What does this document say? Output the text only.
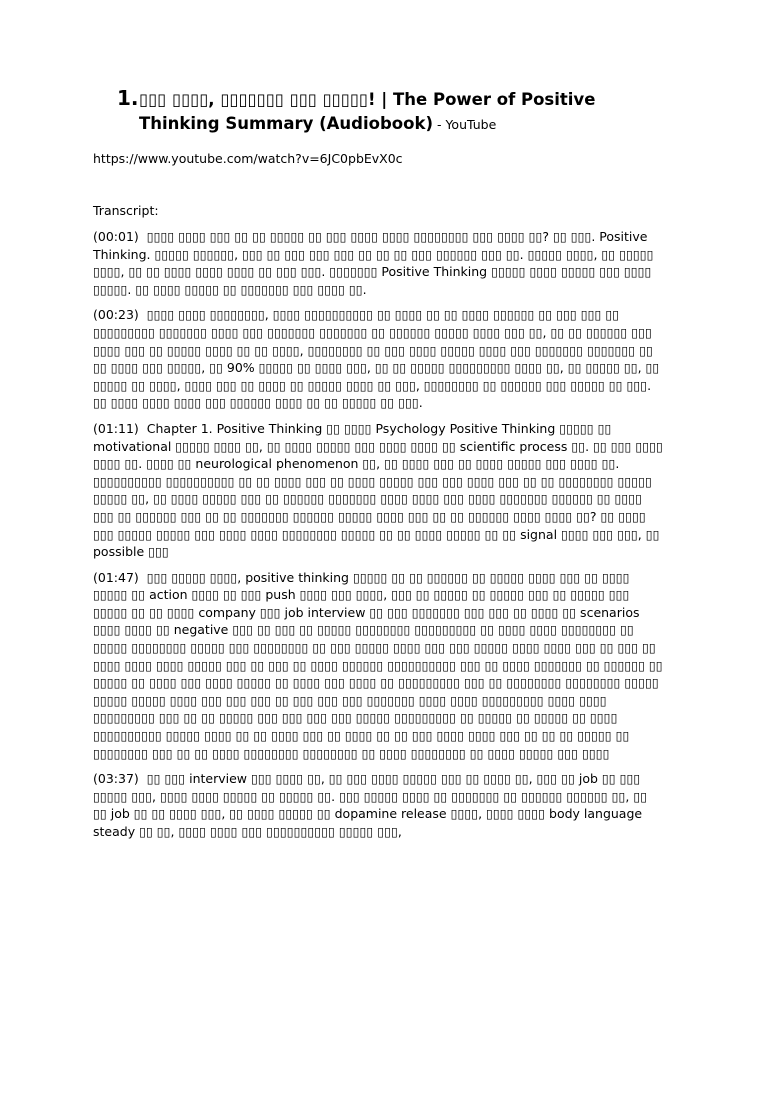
1. ▯▯▯ ▯▯▯▯, ▯▯▯▯▯▯▯ ▯▯▯ ▯▯▯▯▯! | The Power of Positive Thinking Summary (Audiobook) - YouTube
https://www.youtube.com/watch?v=6JC0pbEvX0c
Transcript:
(00:01) ▯▯▯▯ ▯▯▯▯ ▯▯▯ ▯▯ ▯▯ ▯▯▯▯▯ ▯▯ ▯▯▯ ▯▯▯▯ ▯▯▯▯ ▯▯▯▯▯▯▯▯ ▯▯▯ ▯▯▯▯ ▯▯? ▯▯ ▯▯▯. Positive Thinking. ▯▯▯▯▯ ▯▯▯▯▯▯, ▯▯▯ ▯▯ ▯▯▯ ▯▯▯ ▯▯▯ ▯▯ ▯▯ ▯▯ ▯▯▯ ▯▯▯▯▯▯ ▯▯▯ ▯▯. ▯▯▯▯▯ ▯▯▯▯, ▯▯ ▯▯▯▯▯ ▯▯▯▯, ▯▯ ▯▯ ▯▯▯▯ ▯▯▯▯ ▯▯▯▯ ▯▯ ▯▯▯ ▯▯▯. ▯▯▯▯▯▯▯ Positive Thinking ▯▯▯▯▯ ▯▯▯▯ ▯▯▯▯▯ ▯▯▯ ▯▯▯▯ ▯▯▯▯▯. ▯▯ ▯▯▯▯ ▯▯▯▯▯ ▯▯ ▯▯▯▯▯▯▯ ▯▯▯ ▯▯▯▯ ▯▯.
(00:23) ▯▯▯▯ ▯▯▯▯ ▯▯▯▯▯▯▯▯, ▯▯▯▯ ▯▯▯▯▯▯▯▯▯▯ ▯▯ ▯▯▯▯ ▯▯ ▯▯ ▯▯▯▯ ▯▯▯▯▯▯ ▯▯ ▯▯▯ ▯▯▯ ▯▯ ▯▯▯▯▯▯▯▯▯ ▯▯▯▯▯▯▯ ▯▯▯▯ ▯▯▯ ▯▯▯▯▯▯▯ ▯▯▯▯▯▯▯ ▯▯ ▯▯▯▯▯▯ ▯▯▯▯▯ ▯▯▯▯ ▯▯▯ ▯▯, ▯▯ ▯▯ ▯▯▯▯▯▯ ▯▯▯ ▯▯▯▯ ▯▯▯ ▯▯ ▯▯▯▯▯ ▯▯▯▯ ▯▯ ▯▯ ▯▯▯▯, ▯▯▯▯▯▯▯▯ ▯▯ ▯▯▯ ▯▯▯▯ ▯▯▯▯▯ ▯▯▯▯ ▯▯▯ ▯▯▯▯▯▯▯ ▯▯▯▯▯▯▯ ▯▯ ▯▯ ▯▯▯▯ ▯▯▯ ▯▯▯▯▯, ▯▯ 90% ▯▯▯▯▯ ▯▯ ▯▯▯▯ ▯▯▯, ▯▯ ▯▯ ▯▯▯▯▯ ▯▯▯▯▯▯▯▯▯ ▯▯▯▯ ▯▯, ▯▯ ▯▯▯▯▯ ▯▯, ▯▯ ▯▯▯▯▯ ▯▯ ▯▯▯▯, ▯▯▯▯ ▯▯▯ ▯▯ ▯▯▯▯ ▯▯ ▯▯▯▯▯ ▯▯▯▯ ▯▯ ▯▯▯, ▯▯▯▯▯▯▯▯ ▯▯ ▯▯▯▯▯▯ ▯▯▯ ▯▯▯▯▯ ▯▯ ▯▯▯. ▯▯ ▯▯▯▯ ▯▯▯▯ ▯▯▯▯ ▯▯▯ ▯▯▯▯▯▯ ▯▯▯▯ ▯▯ ▯▯ ▯▯▯▯▯ ▯▯ ▯▯▯.
(01:11) Chapter 1. Positive Thinking ▯▯ ▯▯▯▯ Psychology Positive Thinking ▯▯▯▯▯ ▯▯ motivational ▯▯▯▯▯ ▯▯▯▯ ▯▯, ▯▯ ▯▯▯▯ ▯▯▯▯▯ ▯▯▯ ▯▯▯▯ ▯▯▯▯ ▯▯ scientific process ▯▯. ▯▯ ▯▯▯ ▯▯▯▯ ▯▯▯▯ ▯▯. ▯▯▯▯ ▯▯ neurological phenomenon ▯▯, ▯▯ ▯▯▯▯ ▯▯▯ ▯▯ ▯▯▯▯ ▯▯▯▯▯ ▯▯▯ ▯▯▯▯ ▯▯. ▯▯▯▯▯▯▯▯▯▯ ▯▯▯▯▯▯▯▯▯▯ ▯▯ ▯▯ ▯▯▯▯ ▯▯▯ ▯▯ ▯▯▯▯ ▯▯▯▯▯ ▯▯▯ ▯▯▯ ▯▯▯▯ ▯▯▯ ▯▯ ▯▯ ▯▯▯▯▯▯▯▯ ▯▯▯▯▯ ▯▯▯▯▯ ▯▯, ▯▯ ▯▯▯▯ ▯▯▯▯▯ ▯▯▯ ▯▯ ▯▯▯▯▯▯ ▯▯▯▯▯▯▯ ▯▯▯▯ ▯▯▯▯ ▯▯▯ ▯▯▯▯ ▯▯▯▯▯▯▯ ▯▯▯▯▯▯ ▯▯ ▯▯▯▯ ▯▯▯ ▯▯ ▯▯▯▯▯▯ ▯▯▯ ▯▯ ▯▯ ▯▯▯▯▯▯▯ ▯▯▯▯▯▯ ▯▯▯▯▯ ▯▯▯▯ ▯▯▯ ▯▯ ▯▯ ▯▯▯▯▯▯ ▯▯▯▯ ▯▯▯▯ ▯▯? ▯▯ ▯▯▯▯ ▯▯▯ ▯▯▯▯▯ ▯▯▯▯▯ ▯▯▯ ▯▯▯▯ ▯▯▯▯ ▯▯▯▯▯▯▯▯ ▯▯▯▯▯ ▯▯ ▯▯ ▯▯▯▯ ▯▯▯▯▯ ▯▯ ▯▯ signal ▯▯▯▯ ▯▯▯ ▯▯▯, ▯▯ possible ▯▯▯
(01:47) ▯▯▯ ▯▯▯▯▯ ▯▯▯▯, positive thinking ▯▯▯▯▯ ▯▯ ▯▯ ▯▯▯▯▯▯ ▯▯ ▯▯▯▯▯ ▯▯▯▯ ▯▯▯ ▯▯ ▯▯▯▯ ▯▯▯▯▯ ▯▯ action ▯▯▯▯ ▯▯ ▯▯▯ push ▯▯▯▯ ▯▯▯ ▯▯▯▯, ▯▯▯ ▯▯ ▯▯▯▯▯ ▯▯ ▯▯▯▯▯ ▯▯▯ ▯▯ ▯▯▯▯▯ ▯▯▯ ▯▯▯▯▯ ▯▯ ▯▯ ▯▯▯▯ company ▯▯▯ job interview ▯▯ ▯▯▯ ▯▯▯▯▯▯▯ ▯▯▯ ▯▯▯ ▯▯ ▯▯▯▯ ▯▯ scenarios ▯▯▯▯ ▯▯▯▯ ▯▯ negative ▯▯▯ ▯▯ ▯▯▯ ▯▯ ▯▯▯▯▯ ▯▯▯▯▯▯▯▯ ▯▯▯▯▯▯▯▯▯ ▯▯ ▯▯▯▯ ▯▯▯▯ ▯▯▯▯▯▯▯▯ ▯▯ ▯▯▯▯▯ ▯▯▯▯▯▯▯▯ ▯▯▯▯▯ ▯▯▯ ▯▯▯▯▯▯▯▯ ▯▯ ▯▯▯ ▯▯▯▯▯ ▯▯▯▯ ▯▯▯ ▯▯▯ ▯▯▯▯▯ ▯▯▯▯ ▯▯▯▯ ▯▯▯ ▯▯ ▯▯▯ ▯▯ ▯▯▯▯ ▯▯▯▯ ▯▯▯▯ ▯▯▯▯▯ ▯▯▯ ▯▯ ▯▯▯ ▯▯ ▯▯▯▯ ▯▯▯▯▯▯ ▯▯▯▯▯▯▯▯▯▯ ▯▯▯ ▯▯ ▯▯▯▯ ▯▯▯▯▯▯▯ ▯▯ ▯▯▯▯▯▯ ▯▯ ▯▯▯▯▯ ▯▯ ▯▯▯▯ ▯▯▯ ▯▯▯▯ ▯▯▯▯▯ ▯▯ ▯▯▯▯ ▯▯▯ ▯▯▯▯ ▯▯ ▯▯▯▯▯▯▯▯▯ ▯▯▯ ▯▯ ▯▯▯▯▯▯▯▯ ▯▯▯▯▯▯▯▯ ▯▯▯▯▯ ▯▯▯▯▯ ▯▯▯▯▯ ▯▯▯▯ ▯▯▯ ▯▯▯ ▯▯▯ ▯▯ ▯▯▯ ▯▯▯ ▯▯▯ ▯▯▯▯▯▯▯ ▯▯▯▯ ▯▯▯▯ ▯▯▯▯▯▯▯▯▯ ▯▯▯▯ ▯▯▯▯ ▯▯▯▯▯▯▯▯▯ ▯▯▯ ▯▯ ▯▯ ▯▯▯▯▯ ▯▯▯ ▯▯▯ ▯▯▯ ▯▯▯ ▯▯▯▯▯ ▯▯▯▯▯▯▯▯▯ ▯▯ ▯▯▯▯▯ ▯▯ ▯▯▯▯▯ ▯▯ ▯▯▯▯ ▯▯▯▯▯▯▯▯▯▯ ▯▯▯▯▯ ▯▯▯▯ ▯▯ ▯▯ ▯▯▯▯ ▯▯▯ ▯▯ ▯▯▯▯ ▯▯ ▯▯ ▯▯▯ ▯▯▯▯ ▯▯▯▯ ▯▯▯ ▯▯ ▯▯ ▯▯ ▯▯▯▯▯ ▯▯ ▯▯▯▯▯▯▯▯ ▯▯▯ ▯▯ ▯▯ ▯▯▯▯ ▯▯▯▯▯▯▯▯ ▯▯▯▯▯▯▯▯ ▯▯ ▯▯▯▯ ▯▯▯▯▯▯▯▯ ▯▯ ▯▯▯▯ ▯▯▯▯▯ ▯▯▯ ▯▯▯▯
(03:37) ▯▯ ▯▯▯ interview ▯▯▯ ▯▯▯▯ ▯▯, ▯▯ ▯▯▯ ▯▯▯▯ ▯▯▯▯▯ ▯▯▯ ▯▯ ▯▯▯▯ ▯▯, ▯▯▯ ▯▯ job ▯▯ ▯▯▯ ▯▯▯▯▯ ▯▯▯, ▯▯▯▯ ▯▯▯▯ ▯▯▯▯▯ ▯▯ ▯▯▯▯▯ ▯▯. ▯▯▯ ▯▯▯▯▯ ▯▯▯▯ ▯▯ ▯▯▯▯▯▯▯ ▯▯ ▯▯▯▯▯▯ ▯▯▯▯▯▯ ▯▯, ▯▯ ▯▯ job ▯▯ ▯▯ ▯▯▯▯ ▯▯▯, ▯▯ ▯▯▯▯ ▯▯▯▯▯ ▯▯ dopamine release ▯▯▯▯, ▯▯▯▯ ▯▯▯▯ body language steady ▯▯ ▯▯, ▯▯▯▯ ▯▯▯▯ ▯▯▯ ▯▯▯▯▯▯▯▯▯▯ ▯▯▯▯▯ ▯▯▯,
